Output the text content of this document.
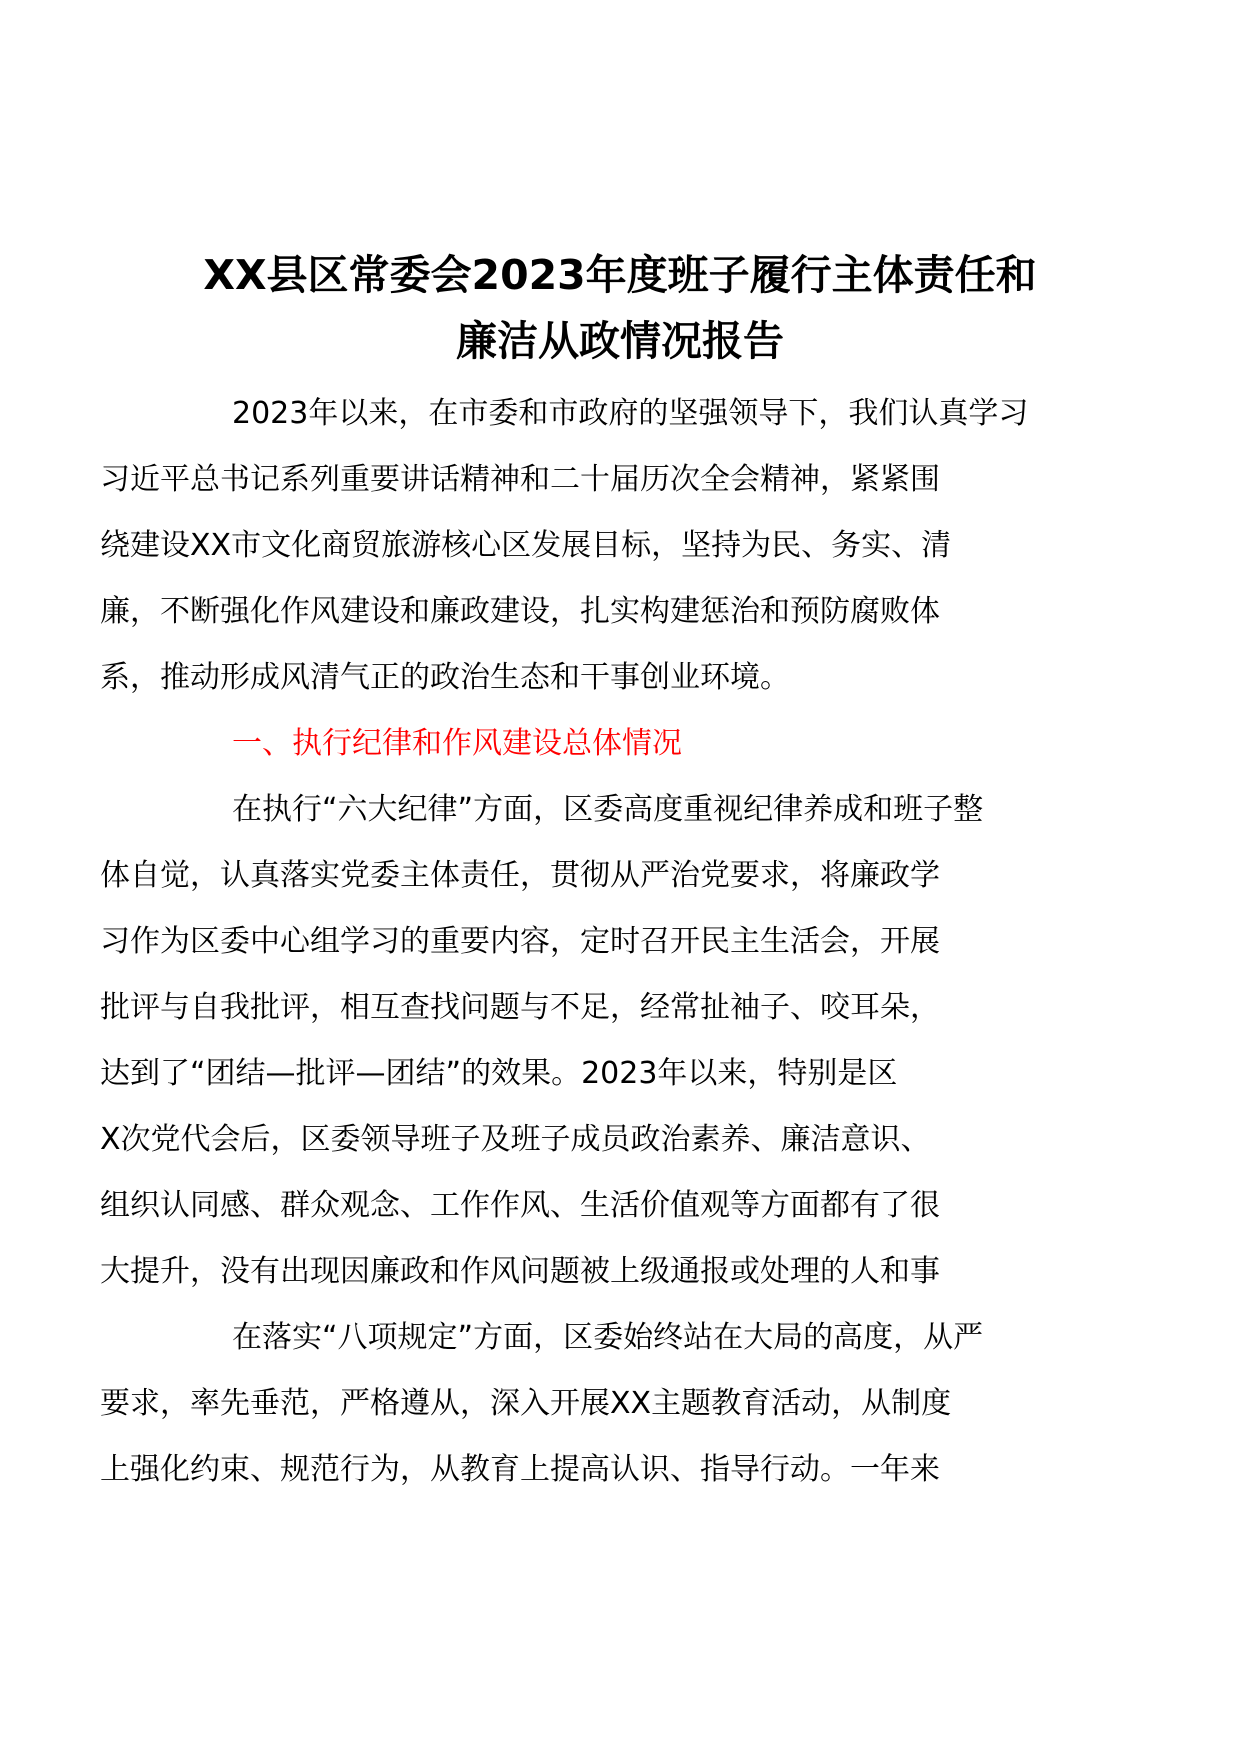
XX县区常委会2023年度班子履行主体责任和
廉洁从政情况报告
2023年以来，在市委和市政府的坚强领导下，我们认真学习
习近平总书记系列重要讲话精神和二十届历次全会精神，紧紧围
绕建设XX市文化商贸旅游核心区发展目标，坚持为民、务实、清
廉，不断强化作风建设和廉政建设，扎实构建惩治和预防腐败体
系，推动形成风清气正的政治生态和干事创业环境。
一、执行纪律和作风建设总体情况
在执行“六大纪律”方面，区委高度重视纪律养成和班子整
体自觉，认真落实党委主体责任，贯彻从严治党要求，将廉政学
习作为区委中心组学习的重要内容，定时召开民主生活会，开展
批评与自我批评，相互查找问题与不足，经常扯袖子、咬耳朵，
达到了“团结—批评—团结”的效果。2023年以来，特别是区
X次党代会后，区委领导班子及班子成员政治素养、廉洁意识、
组织认同感、群众观念、工作作风、生活价值观等方面都有了很
大提升，没有出现因廉政和作风问题被上级通报或处理的人和事
在落实“八项规定”方面，区委始终站在大局的高度，从严
要求，率先垂范，严格遵从，深入开展XX主题教育活动，从制度
上强化约束、规范行为，从教育上提高认识、指导行动。一年来
